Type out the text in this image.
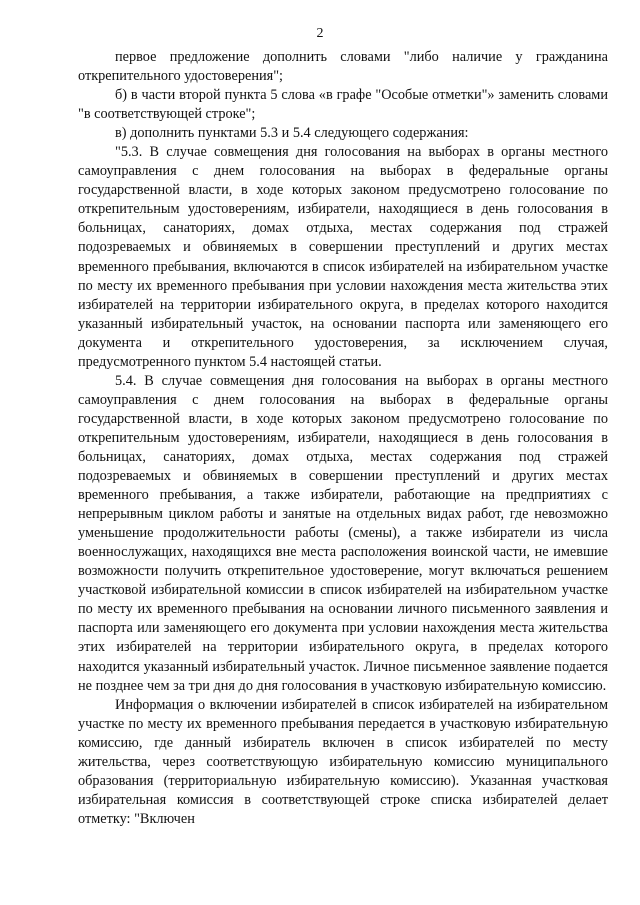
2

первое предложение дополнить словами "либо наличие у гражданина открепительного удостоверения";

б) в части второй пункта 5 слова «в графе "Особые отметки"» заменить словами "в соответствующей строке";

в) дополнить пунктами 5.3 и 5.4 следующего содержания:

"5.3. В случае совмещения дня голосования на выборах в органы местного самоуправления с днем голосования на выборах в федеральные органы государственной власти, в ходе которых законом предусмотрено голосование по открепительным удостоверениям, избиратели, находящиеся в день голосования в больницах, санаториях, домах отдыха, местах содержания под стражей подозреваемых и обвиняемых в совершении преступлений и других местах временного пребывания, включаются в список избирателей на избирательном участке по месту их временного пребывания при условии нахождения места жительства этих избирателей на территории избирательного округа, в пределах которого находится указанный избирательный участок, на основании паспорта или заменяющего его документа и открепительного удостоверения, за исключением случая, предусмотренного пунктом 5.4 настоящей статьи.

5.4. В случае совмещения дня голосования на выборах в органы местного самоуправления с днем голосования на выборах в федеральные органы государственной власти, в ходе которых законом предусмотрено голосование по открепительным удостоверениям, избиратели, находящиеся в день голосования в больницах, санаториях, домах отдыха, местах содержания под стражей подозреваемых и обвиняемых в совершении преступлений и других местах временного пребывания, а также избиратели, работающие на предприятиях с непрерывным циклом работы и занятые на отдельных видах работ, где невозможно уменьшение продолжительности работы (смены), а также избиратели из числа военнослужащих, находящихся вне места расположения воинской части, не имевшие возможности получить открепительное удостоверение, могут включаться решением участковой избирательной комиссии в список избирателей на избирательном участке по месту их временного пребывания на основании личного письменного заявления и паспорта или заменяющего его документа при условии нахождения места жительства этих избирателей на территории избирательного округа, в пределах которого находится указанный избирательный участок. Личное письменное заявление подается не позднее чем за три дня до дня голосования в участковую избирательную комиссию.

Информация о включении избирателей в список избирателей на избирательном участке по месту их временного пребывания передается в участковую избирательную комиссию, где данный избиратель включен в список избирателей по месту жительства, через соответствующую избирательную комиссию муниципального образования (территориальную избирательную комиссию). Указанная участковая избирательная комиссия в соответствующей строке списка избирателей делает отметку: "Включен
